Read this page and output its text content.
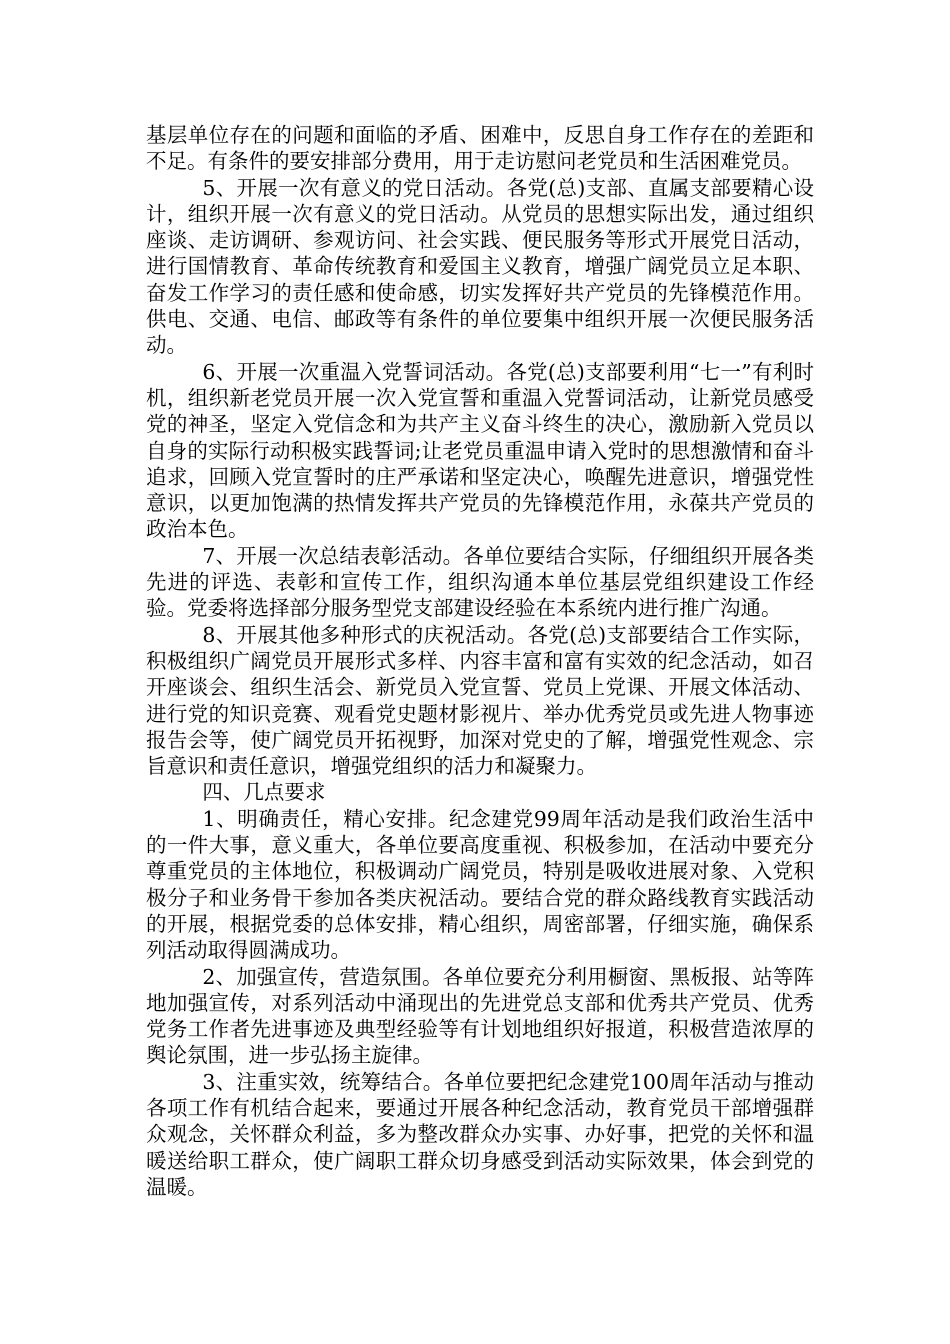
基层单位存在的问题和面临的矛盾、困难中，反思自身工作存在的差距和不足。有条件的要安排部分费用，用于走访慰问老党员和生活困难党员。

5、开展一次有意义的党日活动。各党(总)支部、直属支部要精心设计，组织开展一次有意义的党日活动。从党员的思想实际出发，通过组织座谈、走访调研、参观访问、社会实践、便民服务等形式开展党日活动，进行国情教育、革命传统教育和爱国主义教育，增强广阔党员立足本职、奋发工作学习的责任感和使命感，切实发挥好共产党员的先锋模范作用。供电、交通、电信、邮政等有条件的单位要集中组织开展一次便民服务活动。

6、开展一次重温入党誓词活动。各党(总)支部要利用“七一”有利时机，组织新老党员开展一次入党宣誓和重温入党誓词活动，让新党员感受党的神圣，坚定入党信念和为共产主义奋斗终生的决心，激励新入党员以自身的实际行动积极实践誓词;让老党员重温申请入党时的思想激情和奋斗追求，回顾入党宣誓时的庄严承诺和坚定决心，唤醒先进意识，增强党性意识，以更加饱满的热情发挥共产党员的先锋模范作用，永葆共产党员的政治本色。

7、开展一次总结表彰活动。各单位要结合实际，仔细组织开展各类先进的评选、表彰和宣传工作，组织沟通本单位基层党组织建设工作经验。党委将选择部分服务型党支部建设经验在本系统内进行推广沟通。

8、开展其他多种形式的庆祝活动。各党(总)支部要结合工作实际，积极组织广阔党员开展形式多样、内容丰富和富有实效的纪念活动，如召开座谈会、组织生活会、新党员入党宣誓、党员上党课、开展文体活动、进行党的知识竞赛、观看党史题材影视片、举办优秀党员或先进人物事迹报告会等，使广阔党员开拓视野，加深对党史的了解，增强党性观念、宗旨意识和责任意识，增强党组织的活力和凝聚力。

四、几点要求

1、明确责任，精心安排。纪念建党99周年活动是我们政治生活中的一件大事，意义重大，各单位要高度重视、积极参加，在活动中要充分尊重党员的主体地位，积极调动广阔党员，特别是吸收进展对象、入党积极分子和业务骨干参加各类庆祝活动。要结合党的群众路线教育实践活动的开展，根据党委的总体安排，精心组织，周密部署，仔细实施，确保系列活动取得圆满成功。

2、加强宣传，营造氛围。各单位要充分利用橱窗、黑板报、站等阵地加强宣传，对系列活动中涌现出的先进党总支部和优秀共产党员、优秀党务工作者先进事迹及典型经验等有计划地组织好报道，积极营造浓厚的舆论氛围，进一步弘扬主旋律。

3、注重实效，统筹结合。各单位要把纪念建党100周年活动与推动各项工作有机结合起来，要通过开展各种纪念活动，教育党员干部增强群众观念，关怀群众利益，多为整改群众办实事、办好事，把党的关怀和温暖送给职工群众，使广阔职工群众切身感受到活动实际效果，体会到党的温暖。
